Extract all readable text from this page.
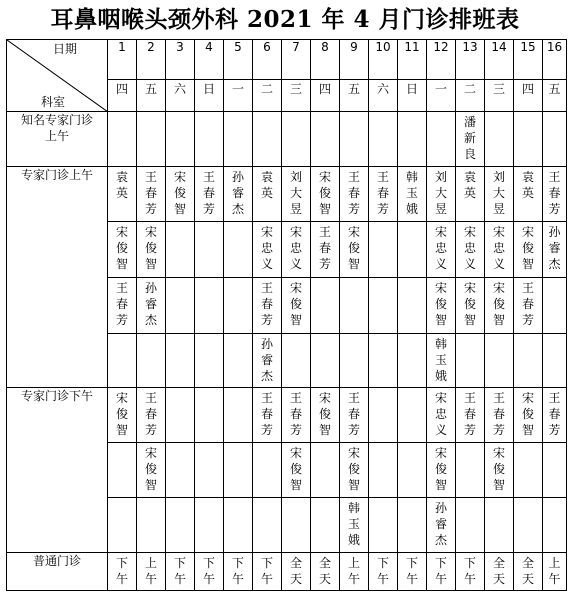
耳鼻咽喉头颈外科 2021 年 4 月门诊排班表
日期
科室	1	2	3	4	5	6	7	8	9	10	11	12	13	14	15	16
	四	五	六	日	一	二	三	四	五	六	日	一	二	三	四	五
知名专家门诊上午													潘新良			

专家门诊上午	袁英	王春芳	宋俊智	王春芳	孙睿杰	袁英	刘大昱	宋俊智	王春芳	王春芳	韩玉娥	刘大昱	袁英	刘大昱	袁英	王春芳

	宋俊智	宋俊智				宋忠义	宋忠义	王春芳	宋俊智			宋忠义	宋忠义	宋忠义	宋俊智	孙睿杰

	王春芳	孙睿杰				王春芳	宋俊智					宋俊智	宋俊智	宋俊智	王春芳	

						孙睿杰						韩玉娥				

专家门诊下午	宋俊智	王春芳				王春芳	王春芳	宋俊智	王春芳			宋忠义	王春芳	王春芳	宋俊智	王春芳

		宋俊智					宋俊智		宋俊智			宋俊智		宋俊智		

									韩玉娥			孙睿杰				

普通门诊	下午	上午	下午	下午	下午	下午	全天	全天	上午	下午	下午	下午	下午	全天	全天	上午
